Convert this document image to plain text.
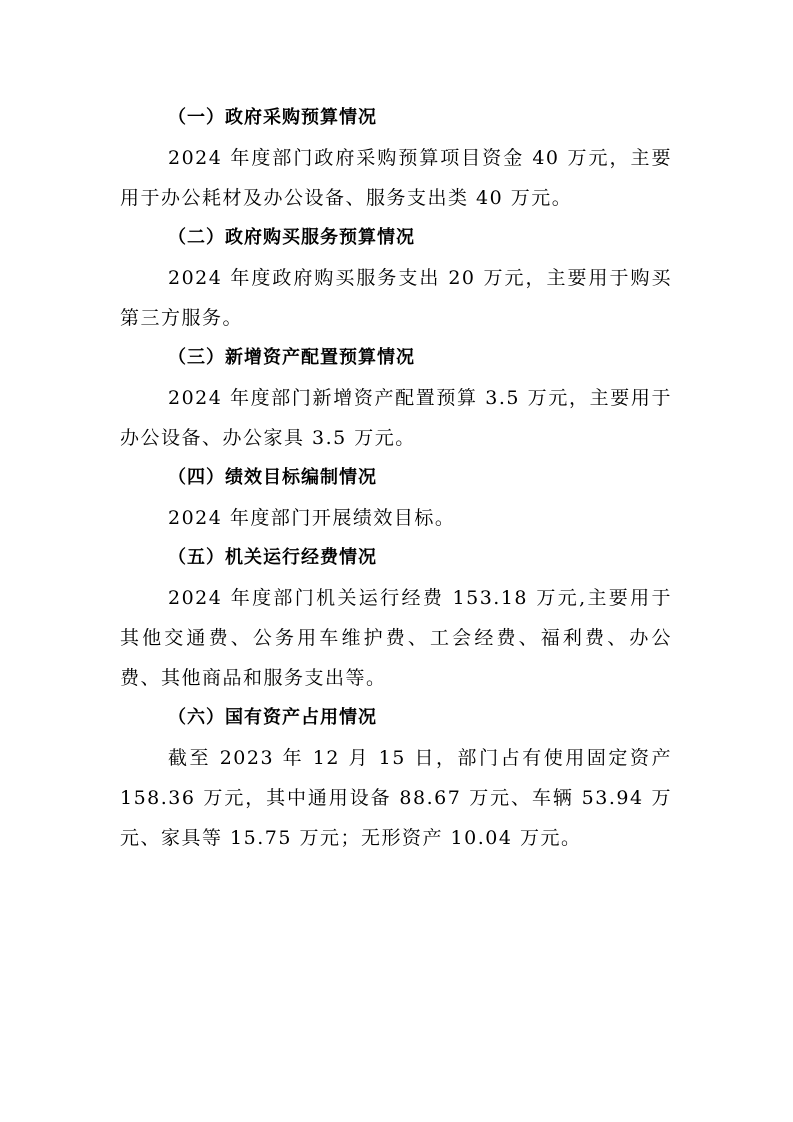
（一）政府采购预算情况

2024 年度部门政府采购预算项目资金 40 万元，主要用于办公耗材及办公设备、服务支出类 40 万元。

（二）政府购买服务预算情况

2024 年度政府购买服务支出 20 万元，主要用于购买第三方服务。

（三）新增资产配置预算情况

2024 年度部门新增资产配置预算 3.5 万元，主要用于办公设备、办公家具 3.5 万元。

（四）绩效目标编制情况

2024 年度部门开展绩效目标。

（五）机关运行经费情况

2024 年度部门机关运行经费 153.18 万元,主要用于其他交通费、公务用车维护费、工会经费、福利费、办公费、其他商品和服务支出等。

（六）国有资产占用情况

截至 2023 年 12 月 15 日，部门占有使用固定资产158.36 万元，其中通用设备 88.67 万元、车辆 53.94 万元、家具等 15.75 万元；无形资产 10.04 万元。
